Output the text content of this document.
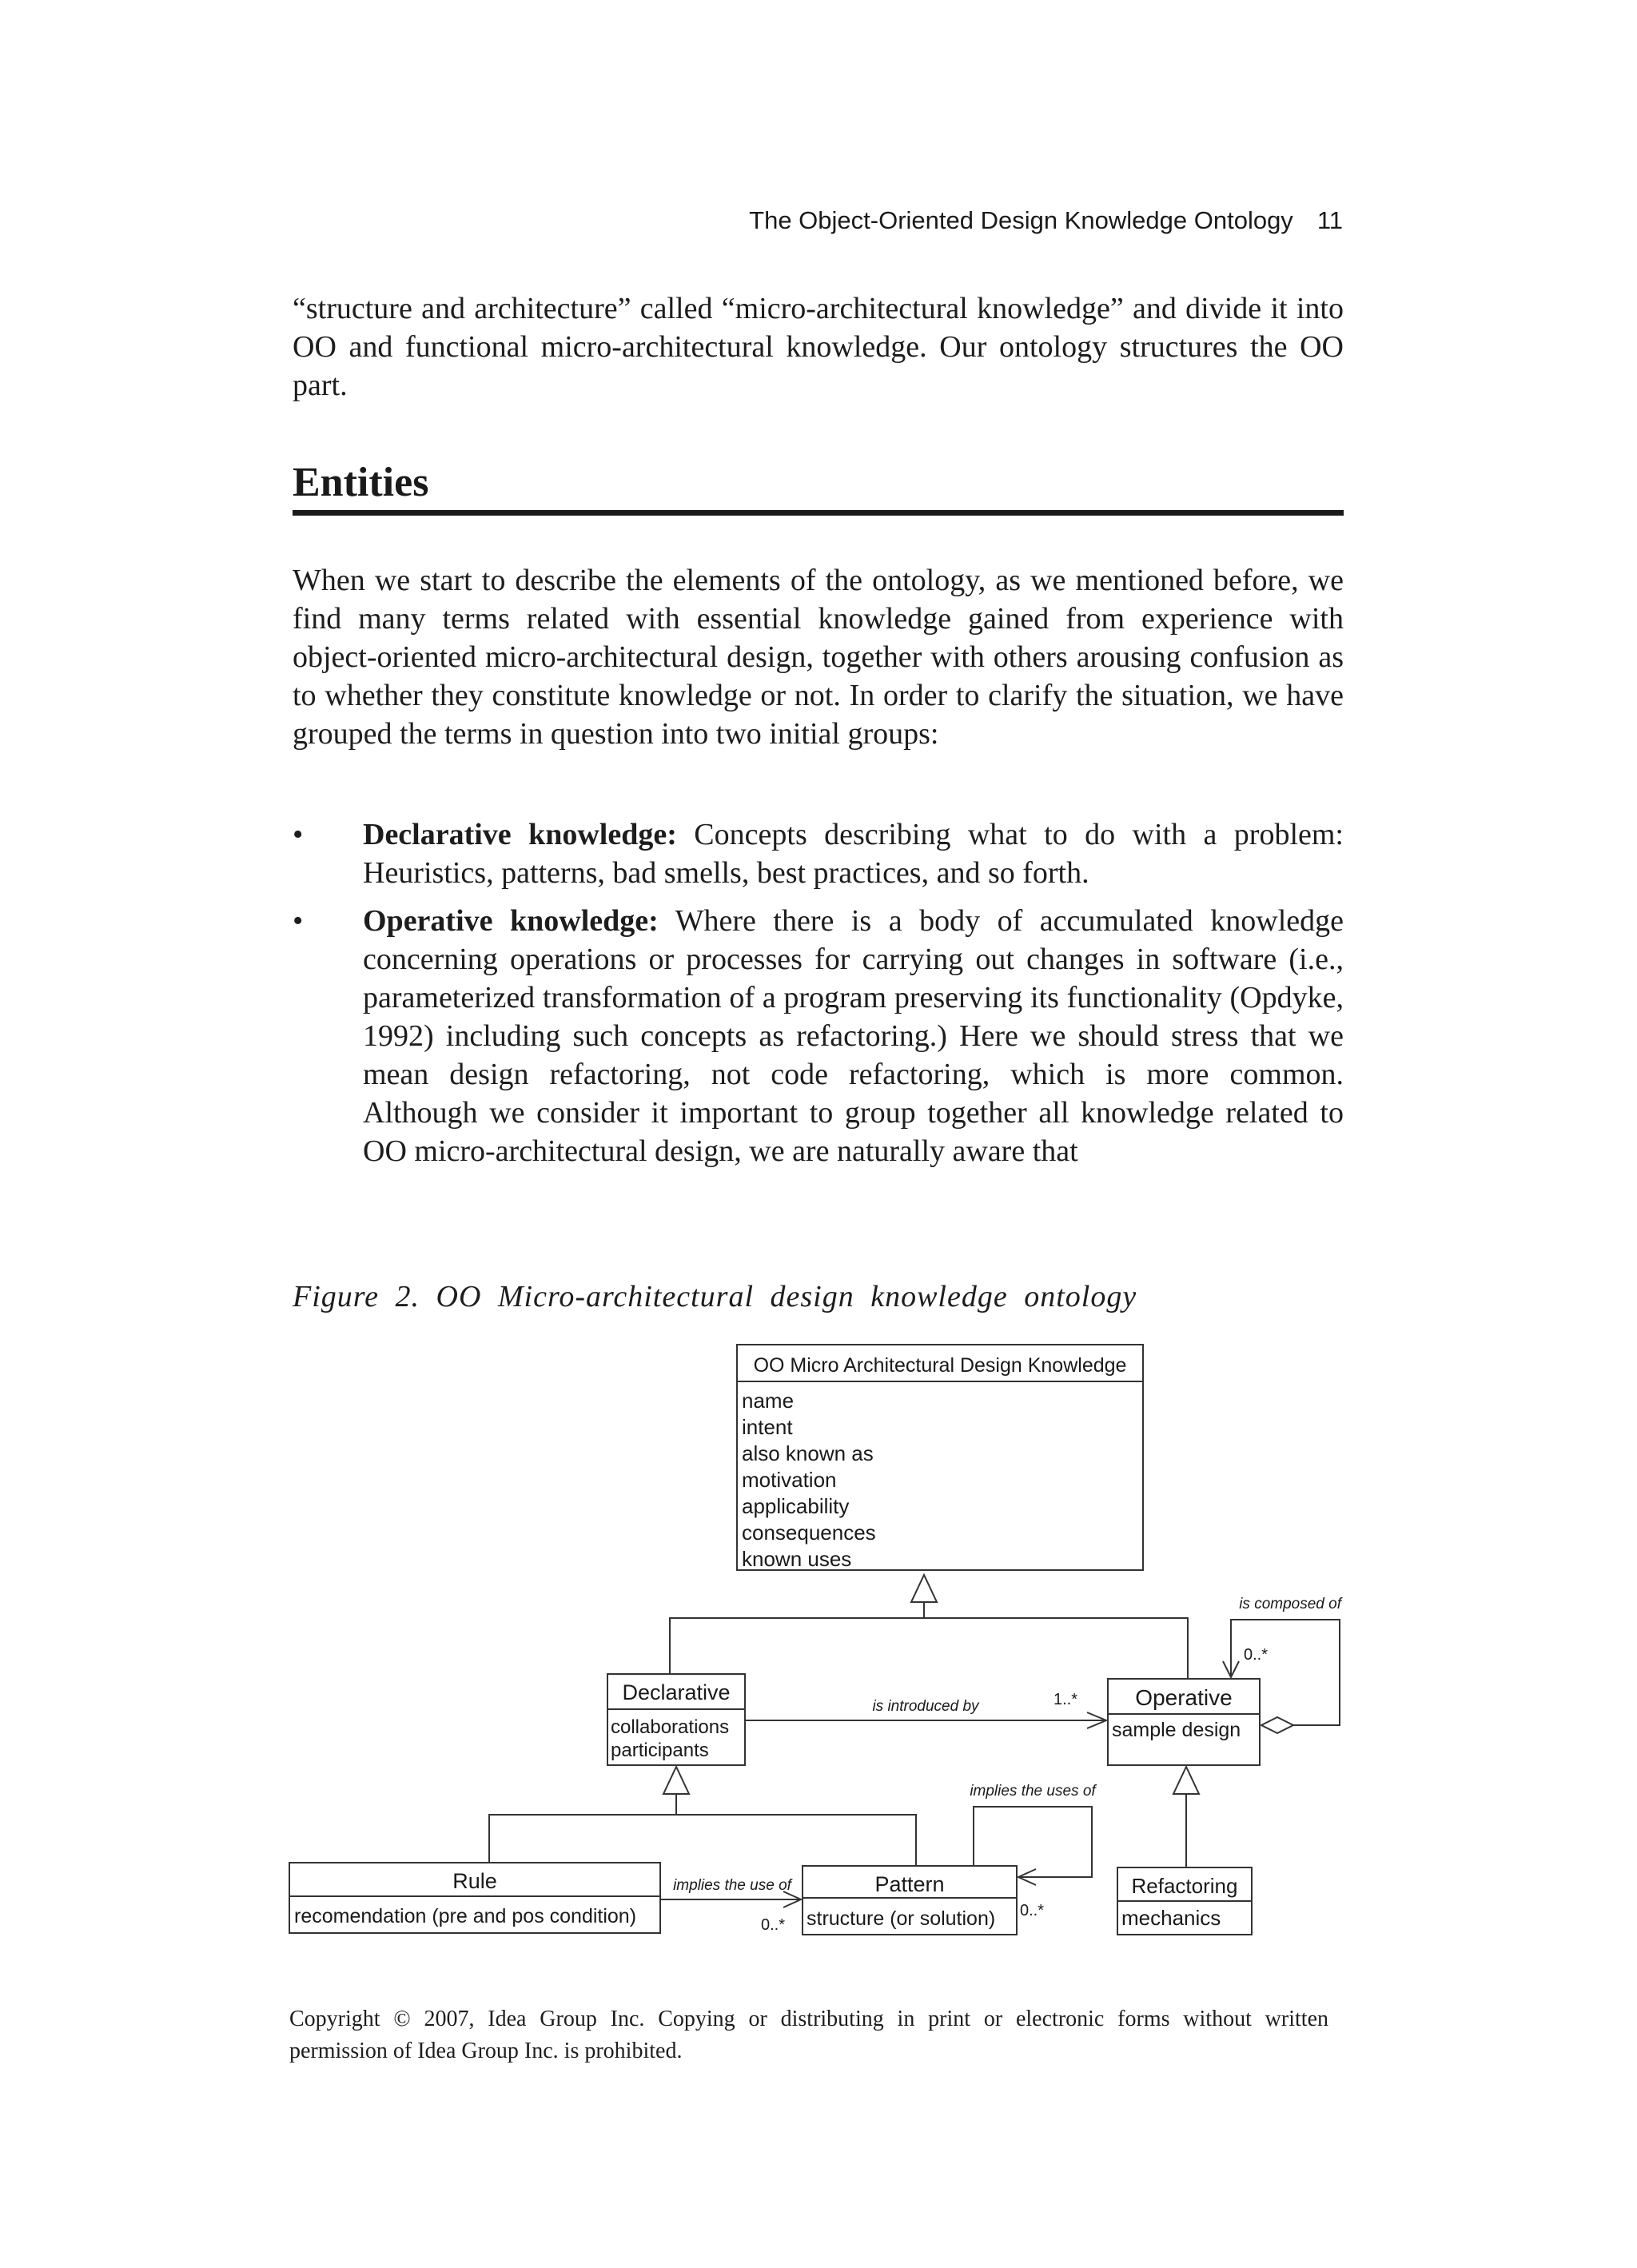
The Object-Oriented Design Knowledge Ontology 11
“structure and architecture” called “micro-architectural knowledge” and divide it into OO and functional micro-architectural knowledge. Our ontology structures the OO part.
Entities
When we start to describe the elements of the ontology, as we mentioned before, we find many terms related with essential knowledge gained from experience with object-oriented micro-architectural design, together with others arousing confusion as to whether they constitute knowledge or not. In order to clarify the situation, we have grouped the terms in question into two initial groups:
• Declarative knowledge: Concepts describing what to do with a problem: Heuristics, patterns, bad smells, best practices, and so forth.
• Operative knowledge: Where there is a body of accumulated knowledge concerning operations or processes for carrying out changes in software (i.e., parameterized transformation of a program preserving its functionality (Opdyke, 1992) including such concepts as refactoring.) Here we should stress that we mean design refactoring, not code refactoring, which is more common. Although we consider it important to group together all knowledge related to OO micro-architectural design, we are naturally aware that
Figure 2. OO Micro-architectural design knowledge ontology
OO Micro Architectural Design Knowledge
name
intent
also known as
motivation
applicability
consequences
known uses
Declarative
collaborations
participants
Operative
sample design
Rule
recomendation (pre and pos condition)
Pattern
structure (or solution)
Refactoring
mechanics
is composed of
0..*
is introduced by	1..*
implies the uses of
0..*
implies the use of
0..*
Copyright © 2007, Idea Group Inc. Copying or distributing in print or electronic forms without written
permission of Idea Group Inc. is prohibited.
